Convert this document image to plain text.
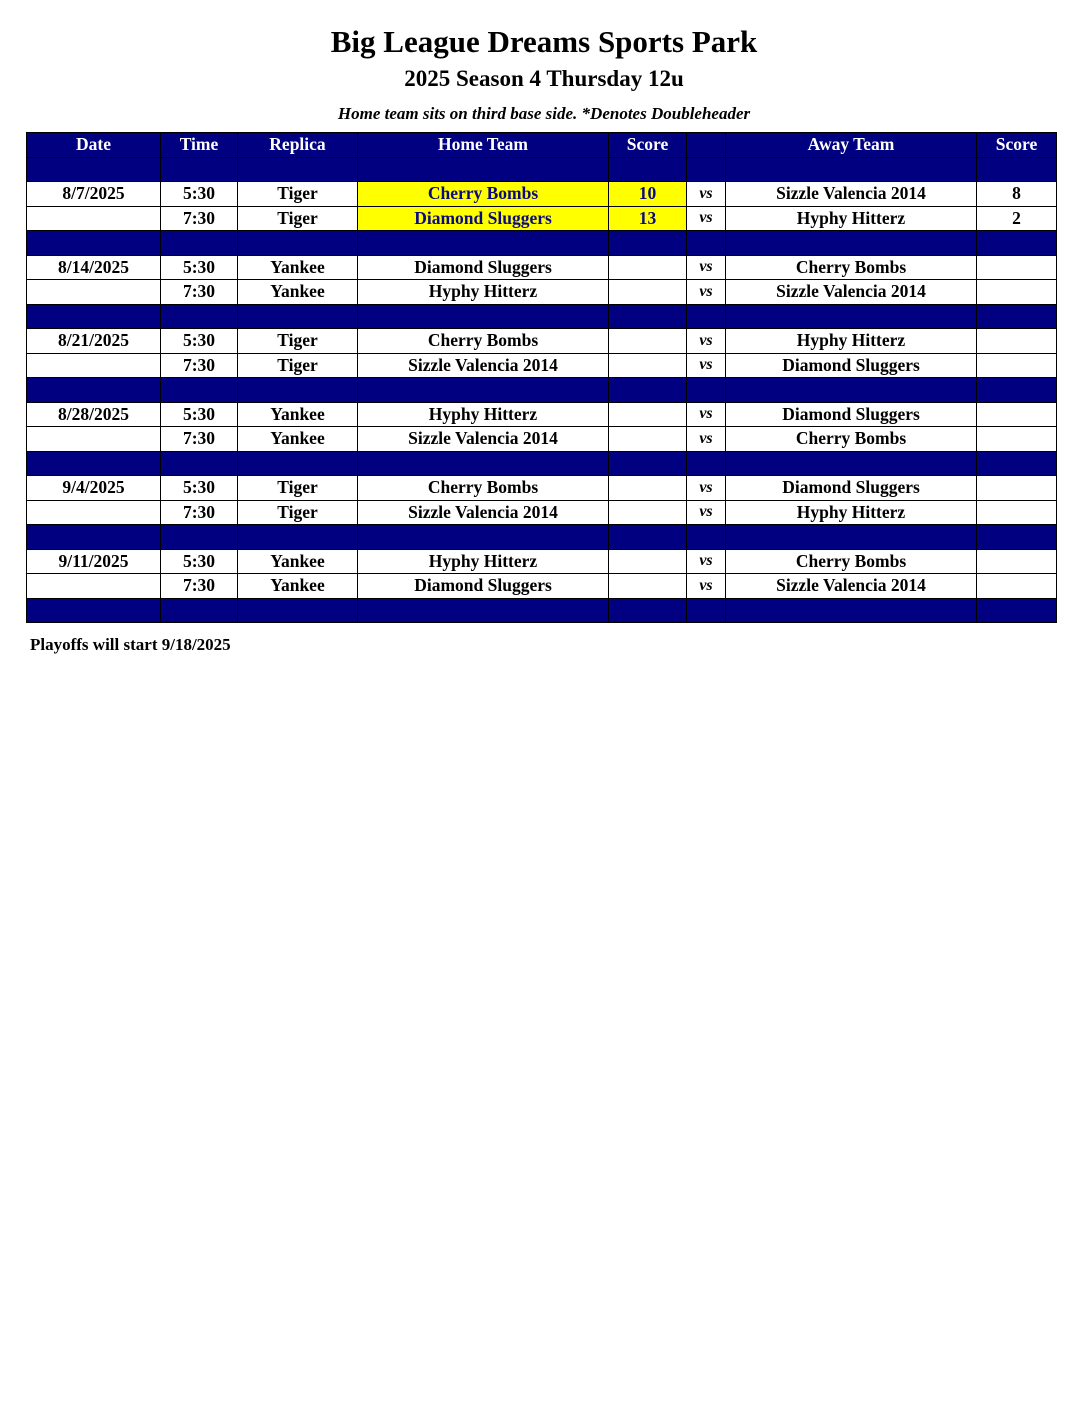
Big League Dreams Sports Park
2025 Season 4 Thursday 12u
Home team sits on third base side. *Denotes Doubleheader
Date	Time	Replica	Home Team	Score		Away Team	Score

8/7/2025	5:30	Tiger	Cherry Bombs	10	vs	Sizzle Valencia 2014	8
	7:30	Tiger	Diamond Sluggers	13	vs	Hyphy Hitterz	2

8/14/2025	5:30	Yankee	Diamond Sluggers		vs	Cherry Bombs	
	7:30	Yankee	Hyphy Hitterz		vs	Sizzle Valencia 2014	

8/21/2025	5:30	Tiger	Cherry Bombs		vs	Hyphy Hitterz	
	7:30	Tiger	Sizzle Valencia 2014		vs	Diamond Sluggers	

8/28/2025	5:30	Yankee	Hyphy Hitterz		vs	Diamond Sluggers	
	7:30	Yankee	Sizzle Valencia 2014		vs	Cherry Bombs	

9/4/2025	5:30	Tiger	Cherry Bombs		vs	Diamond Sluggers	
	7:30	Tiger	Sizzle Valencia 2014		vs	Hyphy Hitterz	

9/11/2025	5:30	Yankee	Hyphy Hitterz		vs	Cherry Bombs	
	7:30	Yankee	Diamond Sluggers		vs	Sizzle Valencia 2014	

Playoffs will start 9/18/2025
